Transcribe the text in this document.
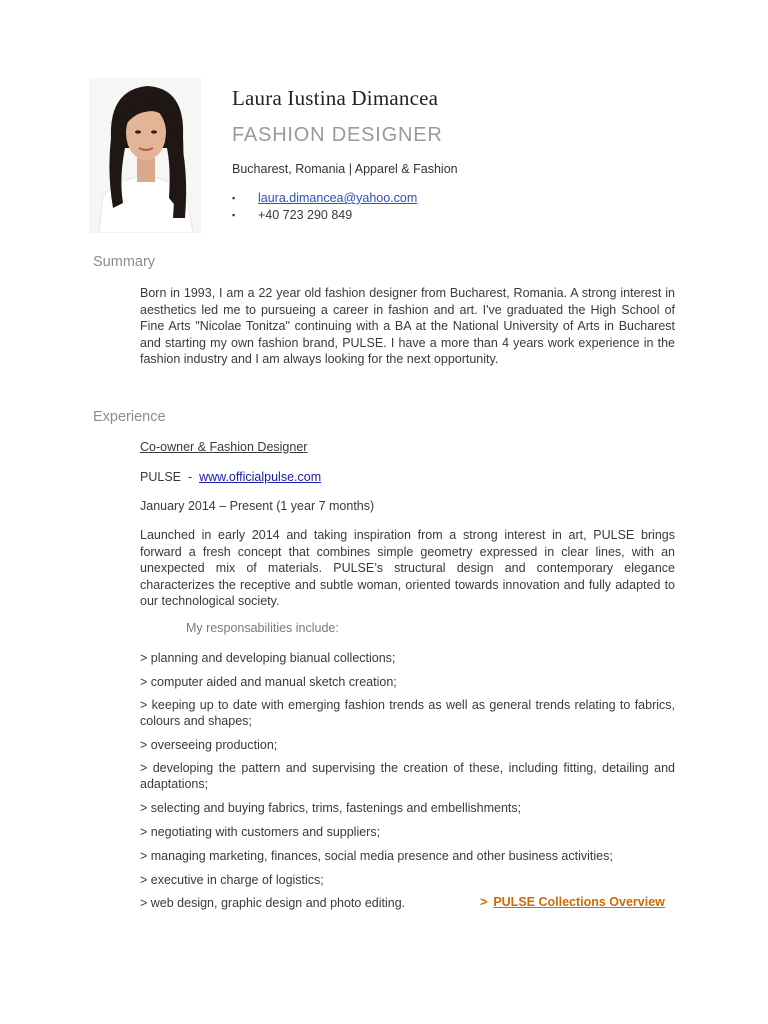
Laura Iustina Dimancea
FASHION DESIGNER
Bucharest, Romania | Apparel & Fashion
▪	laura.dimancea@yahoo.com
▪	+40 723 290 849
Summary
Born in 1993, I am a 22 year old fashion designer from Bucharest, Romania. A strong interest in aesthetics led me to pursueing a career in fashion and art. I've graduated the High School of Fine Arts "Nicolae Tonitza" continuing with a BA at the National University of Arts in Bucharest and starting my own fashion brand, PULSE. I have a more than 4 years work experience in the fashion industry and I am always looking for the next opportunity.
Experience
Co-owner & Fashion Designer
PULSE  -  www.officialpulse.com
January 2014 – Present (1 year 7 months)
Launched in early 2014 and taking inspiration from a strong interest in art, PULSE brings forward a fresh concept that combines simple geometry expressed in clear lines, with an unexpected mix of materials. PULSE’s structural design and contemporary elegance characterizes the receptive and subtle woman, oriented towards innovation and fully adapted to our technological society.
My responsabilities include:
> planning and developing bianual collections;
> computer aided and manual sketch creation;
> keeping up to date with emerging fashion trends as well as general trends relating to fabrics, colours and shapes;
> overseeing production;
> developing the pattern and supervising the creation of these, including fitting, detailing and adaptations;
> selecting and buying fabrics, trims, fastenings and embellishments;
> negotiating with customers and suppliers;
> managing marketing, finances, social media presence and other business activities;
> executive in charge of logistics;
> web design, graphic design and photo editing.	> PULSE Collections Overview
